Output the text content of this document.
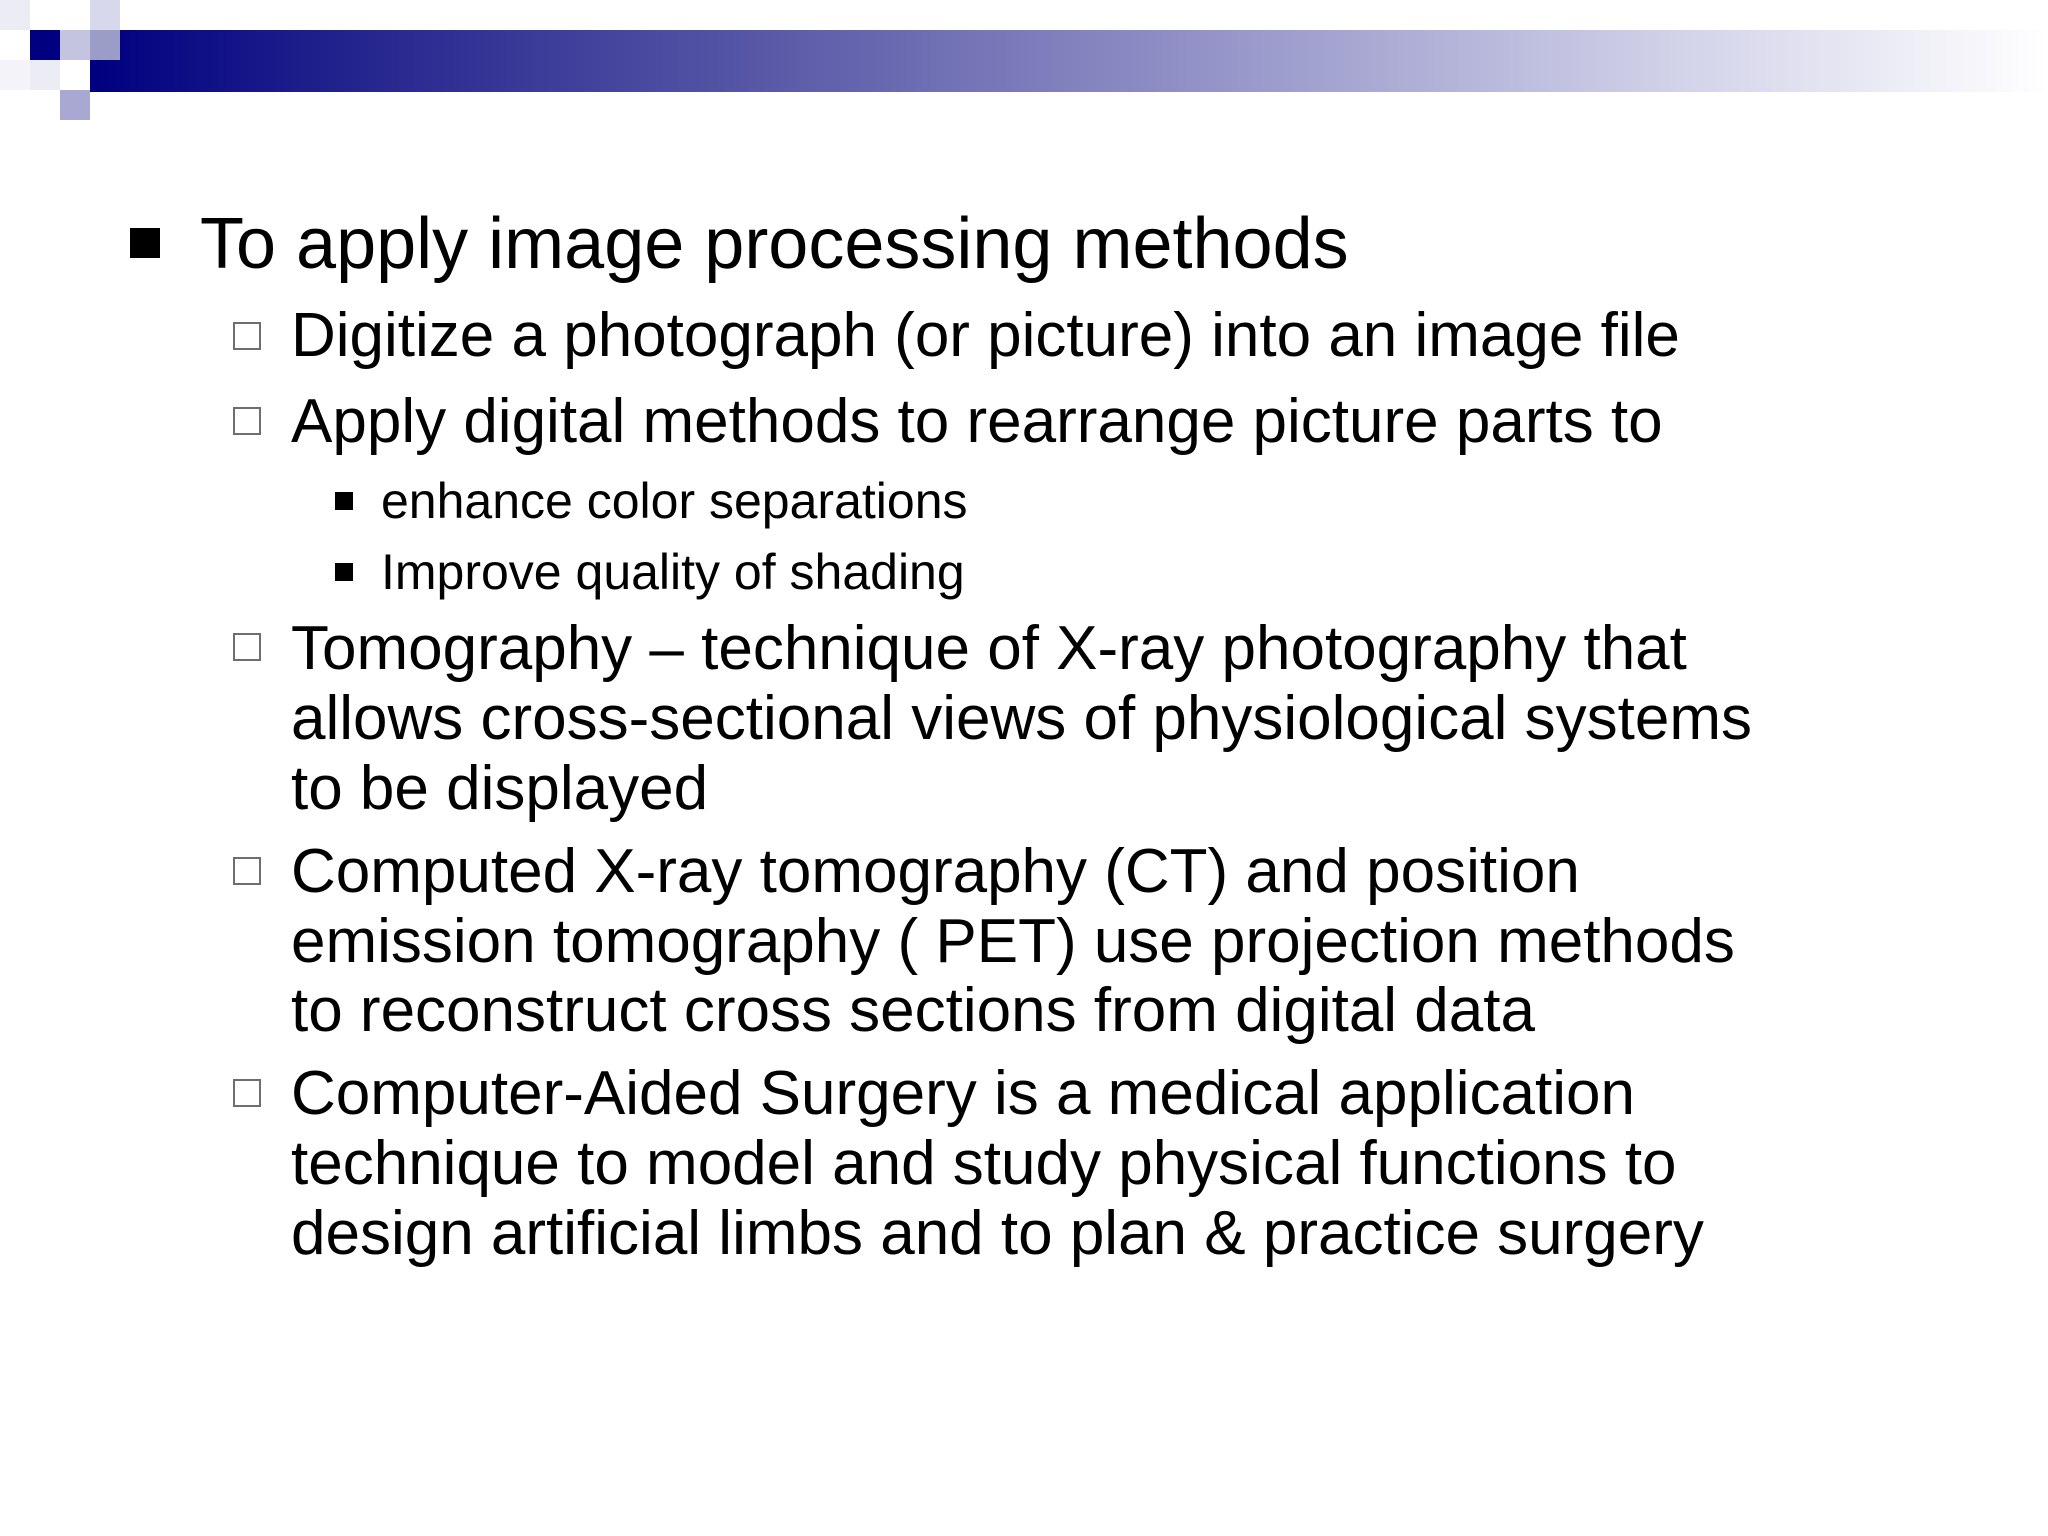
To apply image processing methods
Digitize a photograph (or picture) into an image file
Apply digital methods to rearrange picture parts to
enhance color separations
Improve quality of shading
Tomography – technique of X-ray photography that
allows cross-sectional views of physiological systems
to be displayed
Computed X-ray tomography (CT) and position
emission tomography ( PET) use projection methods
to reconstruct cross sections from digital data
Computer-Aided Surgery is a medical application
technique to model and study physical functions to
design artificial limbs and to plan & practice surgery
